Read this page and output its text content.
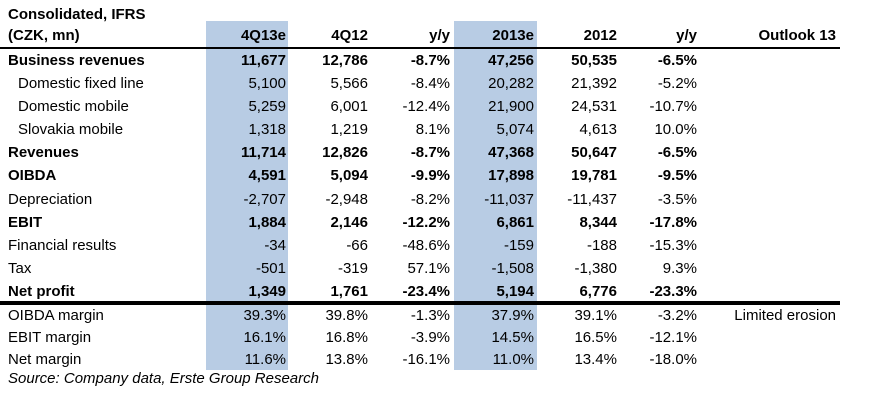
Consolidated, IFRS
(CZK, mn)	4Q13e	4Q12	y/y	2013e	2012	y/y	Outlook 13
Business revenues	11,677	12,786	-8.7%	47,256	50,535	-6.5%
Domestic fixed line	5,100	5,566	-8.4%	20,282	21,392	-5.2%
Domestic mobile	5,259	6,001	-12.4%	21,900	24,531	-10.7%
Slovakia mobile	1,318	1,219	8.1%	5,074	4,613	10.0%
Revenues	11,714	12,826	-8.7%	47,368	50,647	-6.5%
OIBDA	4,591	5,094	-9.9%	17,898	19,781	-9.5%
Depreciation	-2,707	-2,948	-8.2%	-11,037	-11,437	-3.5%
EBIT	1,884	2,146	-12.2%	6,861	8,344	-17.8%
Financial results	-34	-66	-48.6%	-159	-188	-15.3%
Tax	-501	-319	57.1%	-1,508	-1,380	9.3%
Net profit	1,349	1,761	-23.4%	5,194	6,776	-23.3%
OIBDA margin	39.3%	39.8%	-1.3%	37.9%	39.1%	-3.2%	Limited erosion
EBIT margin	16.1%	16.8%	-3.9%	14.5%	16.5%	-12.1%
Net margin	11.6%	13.8%	-16.1%	11.0%	13.4%	-18.0%
Source: Company data, Erste Group Research
